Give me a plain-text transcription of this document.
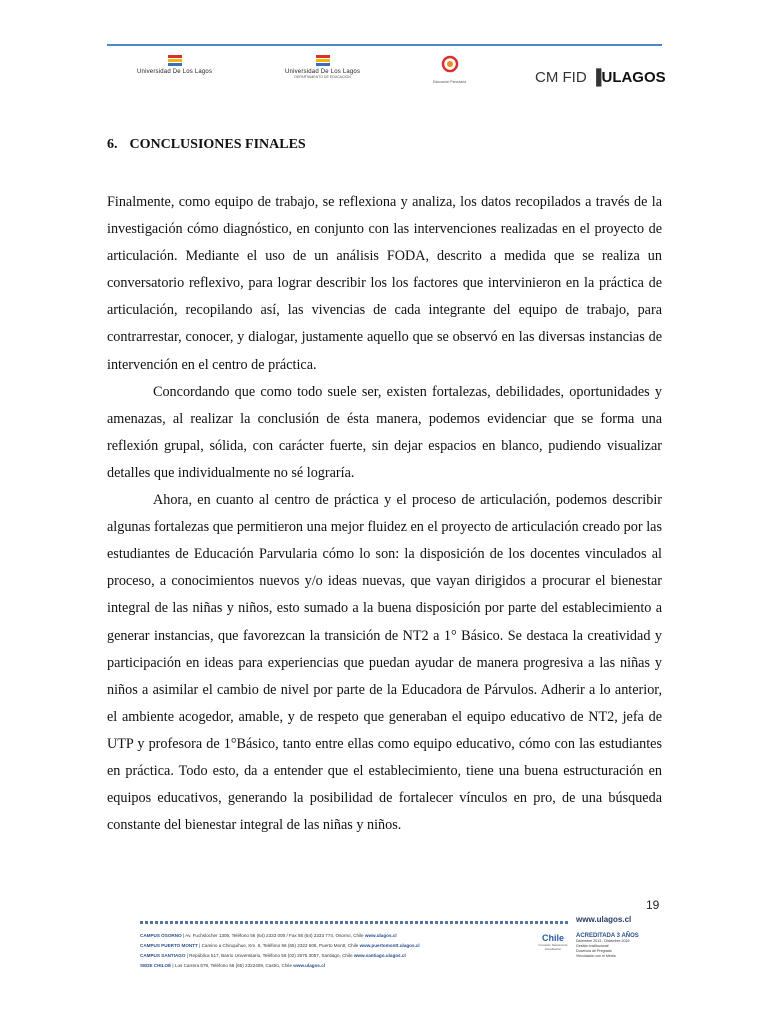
Universidad De Los Lagos	Universidad De Los Lagos
DEPARTAMENTO DE EDUCACIÓN
Educación Parvularia	CM FID ▐ULAGOS
6. CONCLUSIONES FINALES

Finalmente, como equipo de trabajo, se reflexiona y analiza, los datos recopilados a través de la investigación cómo diagnóstico, en conjunto con las intervenciones realizadas en el proyecto de articulación. Mediante el uso de un análisis FODA, descrito a medida que se realiza un conversatorio reflexivo, para lograr describir los los factores que intervinieron en la práctica de articulación, recopilando así, las vivencias de cada integrante del equipo de trabajo, para contrarrestar, conocer, y dialogar, justamente aquello que se observó en las diversas instancias de intervención en el centro de práctica.

Concordando que como todo suele ser, existen fortalezas, debilidades, oportunidades y amenazas, al realizar la conclusión de ésta manera, podemos evidenciar que se forma una reflexión grupal, sólida, con carácter fuerte, sin dejar espacios en blanco, pudiendo visualizar detalles que individualmente no sé lograría.

Ahora, en cuanto al centro de práctica y el proceso de articulación, podemos describir algunas fortalezas que permitieron una mejor fluidez en el proyecto de articulación creado por las estudiantes de Educación Parvularia cómo lo son: la disposición de los docentes vinculados al proceso, a conocimientos nuevos y/o ideas nuevas, que vayan dirigidos a procurar el bienestar integral de las niñas y niños, esto sumado a la buena disposición por parte del establecimiento a generar instancias, que favorezcan la transición de NT2 a 1° Básico. Se destaca la creatividad y participación en ideas para experiencias que puedan ayudar de manera progresiva a las niñas y niños a asimilar el cambio de nivel por parte de la Educadora de Párvulos. Adherir a lo anterior, el ambiente acogedor, amable, y de respeto que generaban el equipo educativo de NT2, jefa de UTP y profesora de 1°Básico, tanto entre ellas como equipo educativo, cómo con las estudiantes en práctica. Todo esto, da a entender que el establecimiento, tiene una buena estructuración en equipos educativos, generando la posibilidad de fortalecer vínculos en pro, de una búsqueda constante del bienestar integral de las niñas y niños.

19
www.ulagos.cl
CAMPUS OSORNO | Av. Fuchslocher 1305, Teléfono 56 (64) 2333 000 / Fax 56 (64) 2333 774, Osorno, Chile www.ulagos.cl
CAMPUS PUERTO MONTT | Camino a Chinquihue, Km. 6, Teléfono 56 (65) 2322 506, Puerto Montt, Chile www.puertomontt.ulagos.cl
CAMPUS SANTIAGO | República 517, Barrio Universitario, Teléfono 56 (02) 2675 3057, Santiago, Chile www.santiago.ulagos.cl
SEDE CHILOÉ | Los Carrera 678, Teléfono 56 (65) 2322409, Castro, Chile www.ulagos.cl
Chile
Comisión Nacional de Acreditación
ACREDITADA 3 AÑOS
Diciembre 2013 - Diciembre 2016
Gestión Institucional
Docencia de Pregrado
Vinculación con el Medio
